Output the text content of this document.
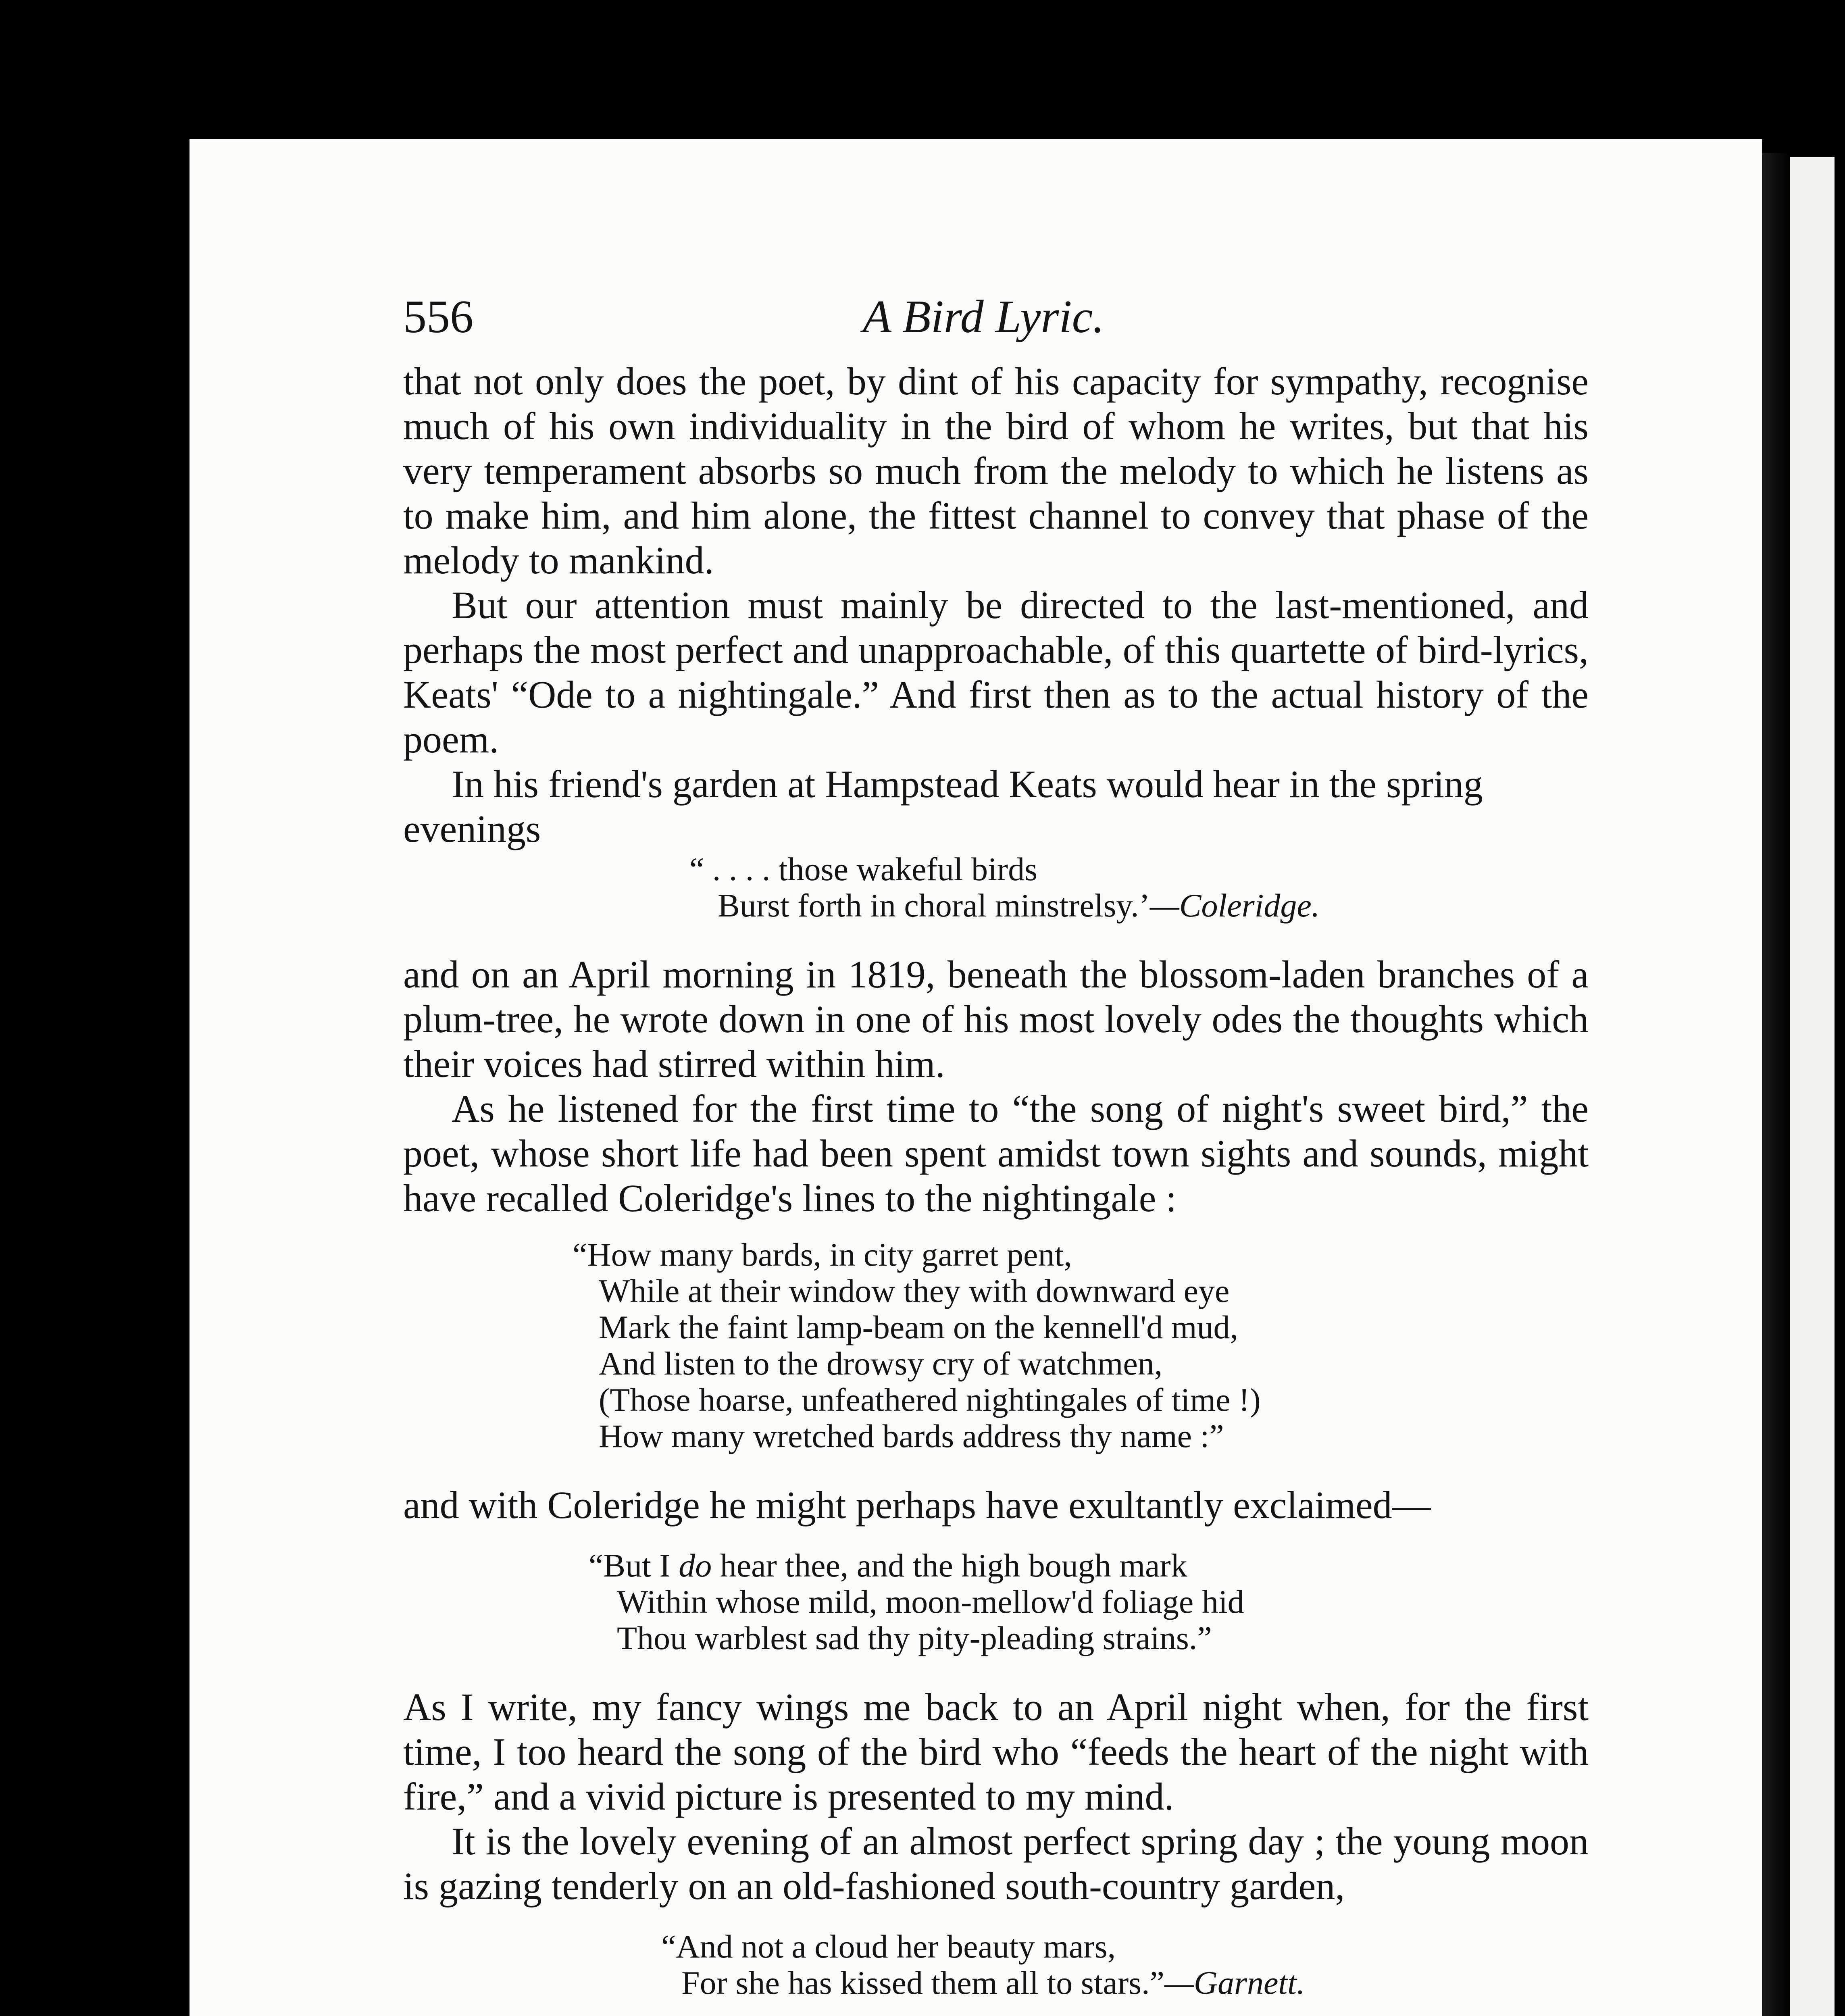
556	A Bird Lyric.

that not only does the poet, by dint of his capacity for sympathy, recognise much of his own individuality in the bird of whom he writes, but that his very temperament absorbs so much from the melody to which he listens as to make him, and him alone, the fittest channel to convey that phase of the melody to mankind.

But our attention must mainly be directed to the last-mentioned, and perhaps the most perfect and unapproachable, of this quartette of bird-lyrics, Keats' “Ode to a nightingale.” And first then as to the actual history of the poem.

In his friend's garden at Hampstead Keats would hear in the spring evenings

“ . . . . those wakeful birds
Burst forth in choral minstrelsy.’—Coleridge.

and on an April morning in 1819, beneath the blossom-laden branches of a plum-tree, he wrote down in one of his most lovely odes the thoughts which their voices had stirred within him.

As he listened for the first time to “the song of night's sweet bird,” the poet, whose short life had been spent amidst town sights and sounds, might have recalled Coleridge's lines to the nightingale :

“How many bards, in city garret pent,
While at their window they with downward eye
Mark the faint lamp-beam on the kennell'd mud,
And listen to the drowsy cry of watchmen,
(Those hoarse, unfeathered nightingales of time !)
How many wretched bards address thy name :”

and with Coleridge he might perhaps have exultantly exclaimed—

“But I do hear thee, and the high bough mark
Within whose mild, moon-mellow'd foliage hid
Thou warblest sad thy pity-pleading strains.”

As I write, my fancy wings me back to an April night when, for the first time, I too heard the song of the bird who “feeds the heart of the night with fire,” and a vivid picture is presented to my mind.

It is the lovely evening of an almost perfect spring day ; the young moon is gazing tenderly on an old-fashioned south-country garden,

“And not a cloud her beauty mars,
For she has kissed them all to stars.”—Garnett.
